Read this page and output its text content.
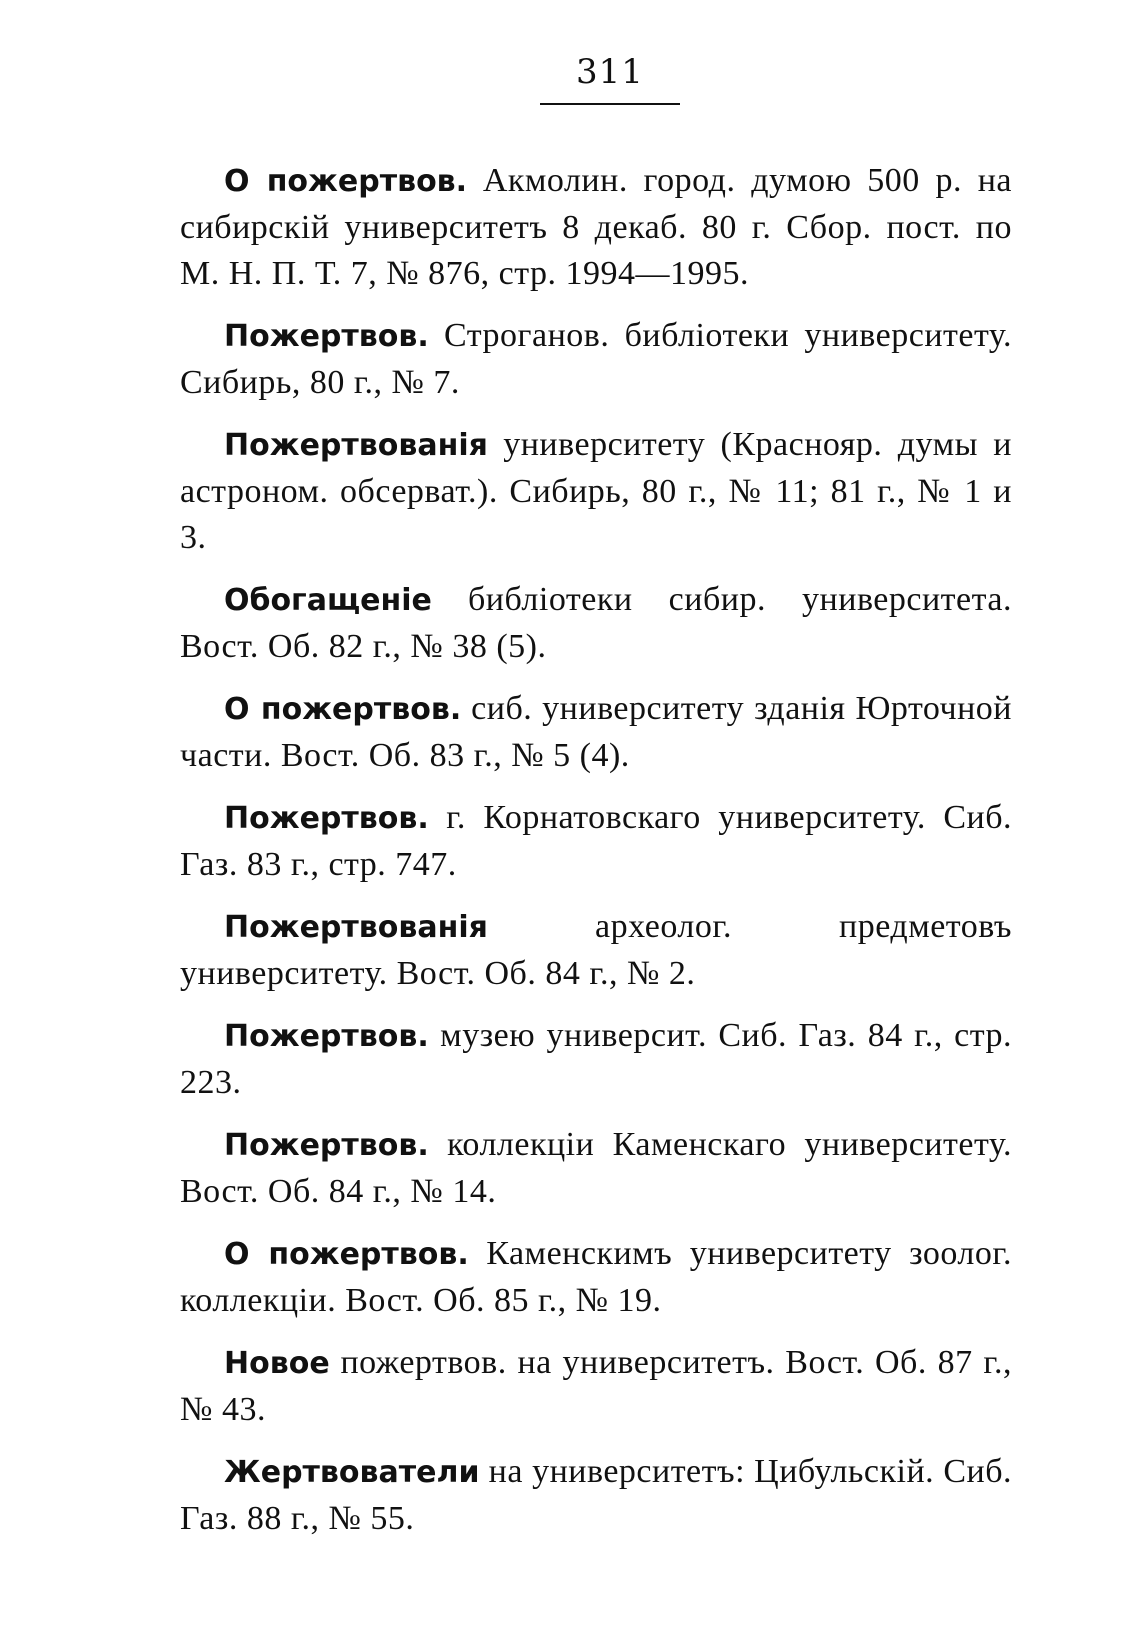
311

О пожертвов. Акмолин. город. думою 500 р. на сибирскій университетъ 8 декаб. 80 г. Сбор. пост. по М. Н. П. Т. 7, № 876, стр. 1994—1995.

Пожертвов. Строганов. библіотеки университету. Сибирь, 80 г., № 7.

Пожертвованія университету (Краснояр. думы и астроном. обсерват.). Сибирь, 80 г., № 11; 81 г., № 1 и 3.

Обогащеніе библіотеки сибир. университета. Вост. Об. 82 г., № 38 (5).

О пожертвов. сиб. университету зданія Юрточной части. Вост. Об. 83 г., № 5 (4).

Пожертвов. г. Корнатовскаго университету. Сиб. Газ. 83 г., стр. 747.

Пожертвованія археолог. предметовъ университету. Вост. Об. 84 г., № 2.

Пожертвов. музею университ. Сиб. Газ. 84 г., стр. 223.

Пожертвов. коллекціи Каменскаго университету. Вост. Об. 84 г., № 14.

О пожертвов. Каменскимъ университету зоолог. коллекціи. Вост. Об. 85 г., № 19.

Новое пожертвов. на университетъ. Вост. Об. 87 г., № 43.

Жертвователи на университетъ: Цибульскій. Сиб. Газ. 88 г., № 55.
